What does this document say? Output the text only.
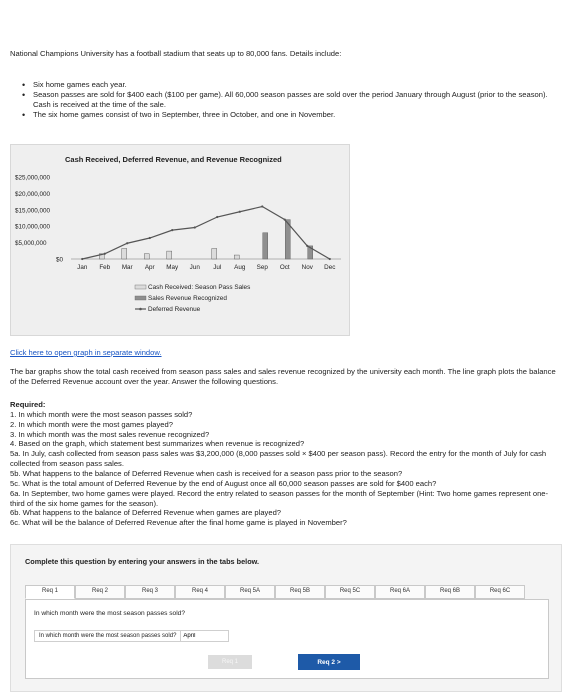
National Champions University has a football stadium that seats up to 80,000 fans. Details include:
•	Six home games each year.
•	Season passes are sold for $400 each ($100 per game). All 60,000 season passes are sold over the period January through August (prior to the season). Cash is received at the time of the sale.
•	The six home games consist of two in September, three in October, and one in November.
Cash Received, Deferred Revenue, and Revenue Recognized
$25,000,000
$20,000,000
$15,000,000
$10,000,000
$5,000,000
$0
Jan Feb Mar Apr May Jun Jul Aug Sep Oct Nov Dec
Cash Received: Season Pass Sales
Sales Revenue Recognized
Deferred Revenue
Click here to open graph in separate window.
The bar graphs show the total cash received from season pass sales and sales revenue recognized by the university each month. The line graph plots the balance of the Deferred Revenue account over the year. Answer the following questions.
Required:
1. In which month were the most season passes sold?
2. In which month were the most games played?
3. In which month was the most sales revenue recognized?
4. Based on the graph, which statement best summarizes when revenue is recognized?
5a. In July, cash collected from season pass sales was $3,200,000 (8,000 passes sold × $400 per season pass). Record the entry for the month of July for cash collected from season pass sales.
5b. What happens to the balance of Deferred Revenue when cash is received for a season pass prior to the season?
5c. What is the total amount of Deferred Revenue by the end of August once all 60,000 season passes are sold for $400 each?
6a. In September, two home games were played. Record the entry related to season passes for the month of September (Hint: Two home games represent one-third of the six home games for the season).
6b. What happens to the balance of Deferred Revenue when games are played?
6c. What will be the balance of Deferred Revenue after the final home game is played in November?
Complete this question by entering your answers in the tabs below.
Req 1	Req 2	Req 3	Req 4	Req 5A	Req 5B	Req 5C	Req 6A	Req 6B	Req 6C
In which month were the most season passes sold?
In which month were the most season passes sold?
April
Req 1	Req 2 >
